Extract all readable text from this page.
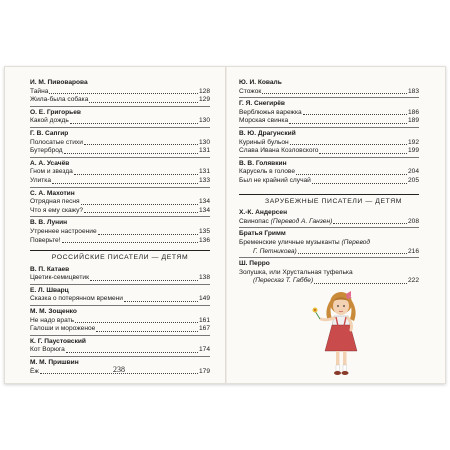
И. М. Пивоварова
Тайна	128
Жила-была собака	129
О. Е. Григорьев
Какой дождь	130
Г. В. Сапгир
Полосатые стихи	130
Бутерброд	131
А. А. Усачёв
Гном и звезда	131
Улитка	133
С. А. Махотин
Отрядная песня	134
Что я ему скажу?	134
В. В. Лунин
Утреннее настроение	135
Поверьте!	136
РОССИЙСКИЕ ПИСАТЕЛИ — ДЕТЯМ
В. П. Катаев
Цветик-семицветик	138
Е. Л. Шварц
Сказка о потерянном времени	149
М. М. Зощенко
Не надо врать	161
Галоши и мороженое	167
К. Г. Паустовский
Кот Ворюга	174
М. М. Пришвин
Ёж	179
238
Ю. И. Коваль
Стожок	183
Г. Я. Снегирёв
Верблюжья варежка	186
Морская свинка	189
В. Ю. Драгунский
Куриный бульон	192
Слава Ивана Козловского	199
В. В. Голявкин
Карусель в голове	204
Был не крайний случай	205
ЗАРУБЕЖНЫЕ ПИСАТЕЛИ — ДЕТЯМ
Х.-К. Андерсен
Свинопас
(Перевод А. Ганзен)	208
Братья Гримм
Бременские уличные музыканты
(Перевод
Г. Петникова)	216
Ш. Перро
Золушка, или Хрустальная туфелька
(Пересказ Т. Габбе)	222
